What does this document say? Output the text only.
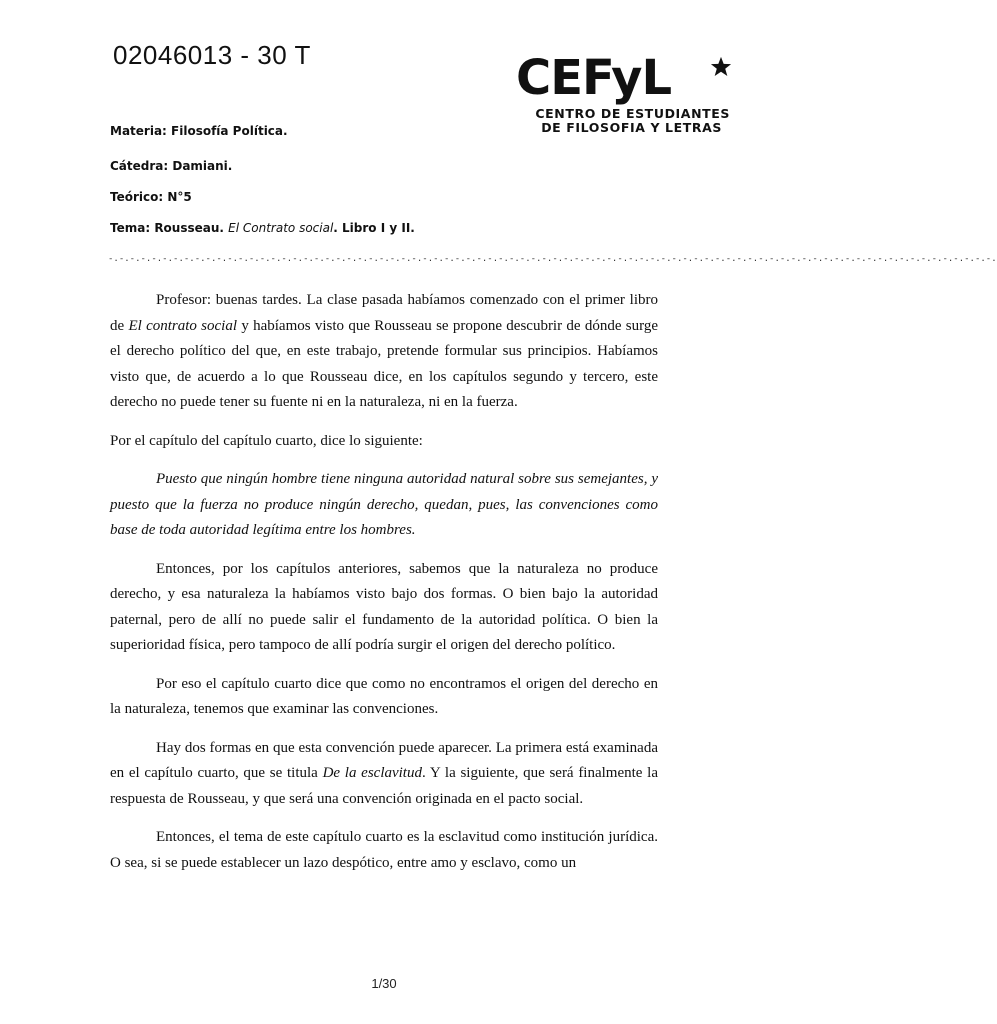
02046013 - 30 T	CEFyL
CENTRO DE ESTUDIANTES
DE FILOSOFIA Y LETRAS
Materia: Filosofía Política.
Cátedra: Damiani.
Teórico: N°5
Tema: Rousseau. El Contrato social. Libro I y II.
-.-.-.-.-.-.-.-.-.-.-.-.-.-.-.-.-.-.-.-.-.-.-.-.-.-.-.-.-.-.-.-.-.-.-.-.-.-.-.-.-.-.-.-.-.-.-.-.-.-.-.-.-.-.-.-.-.-.-.-.-.-.-.-.-.-.-.-.-.-.-.-.-.-.-.-.-.-.-.-.-.-.

Profesor: buenas tardes. La clase pasada habíamos comenzado con el primer libro de El contrato social y habíamos visto que Rousseau se propone descubrir de dónde surge el derecho político del que, en este trabajo, pretende formular sus principios. Habíamos visto que, de acuerdo a lo que Rousseau dice, en los capítulos segundo y tercero, este derecho no puede tener su fuente ni en la naturaleza, ni en la fuerza.

Por el capítulo del capítulo cuarto, dice lo siguiente:

Puesto que ningún hombre tiene ninguna autoridad natural sobre sus semejantes, y puesto que la fuerza no produce ningún derecho, quedan, pues, las convenciones como base de toda autoridad legítima entre los hombres.

Entonces, por los capítulos anteriores, sabemos que la naturaleza no produce derecho, y esa naturaleza la habíamos visto bajo dos formas. O bien bajo la autoridad paternal, pero de allí no puede salir el fundamento de la autoridad política. O bien la superioridad física, pero tampoco de allí podría surgir el origen del derecho político.

Por eso el capítulo cuarto dice que como no encontramos el origen del derecho en la naturaleza, tenemos que examinar las convenciones.

Hay dos formas en que esta convención puede aparecer. La primera está examinada en el capítulo cuarto, que se titula De la esclavitud. Y la siguiente, que será finalmente la respuesta de Rousseau, y que será una convención originada en el pacto social.

Entonces, el tema de este capítulo cuarto es la esclavitud como institución jurídica. O sea, si se puede establecer un lazo despótico, entre amo y esclavo, como un

1/30
